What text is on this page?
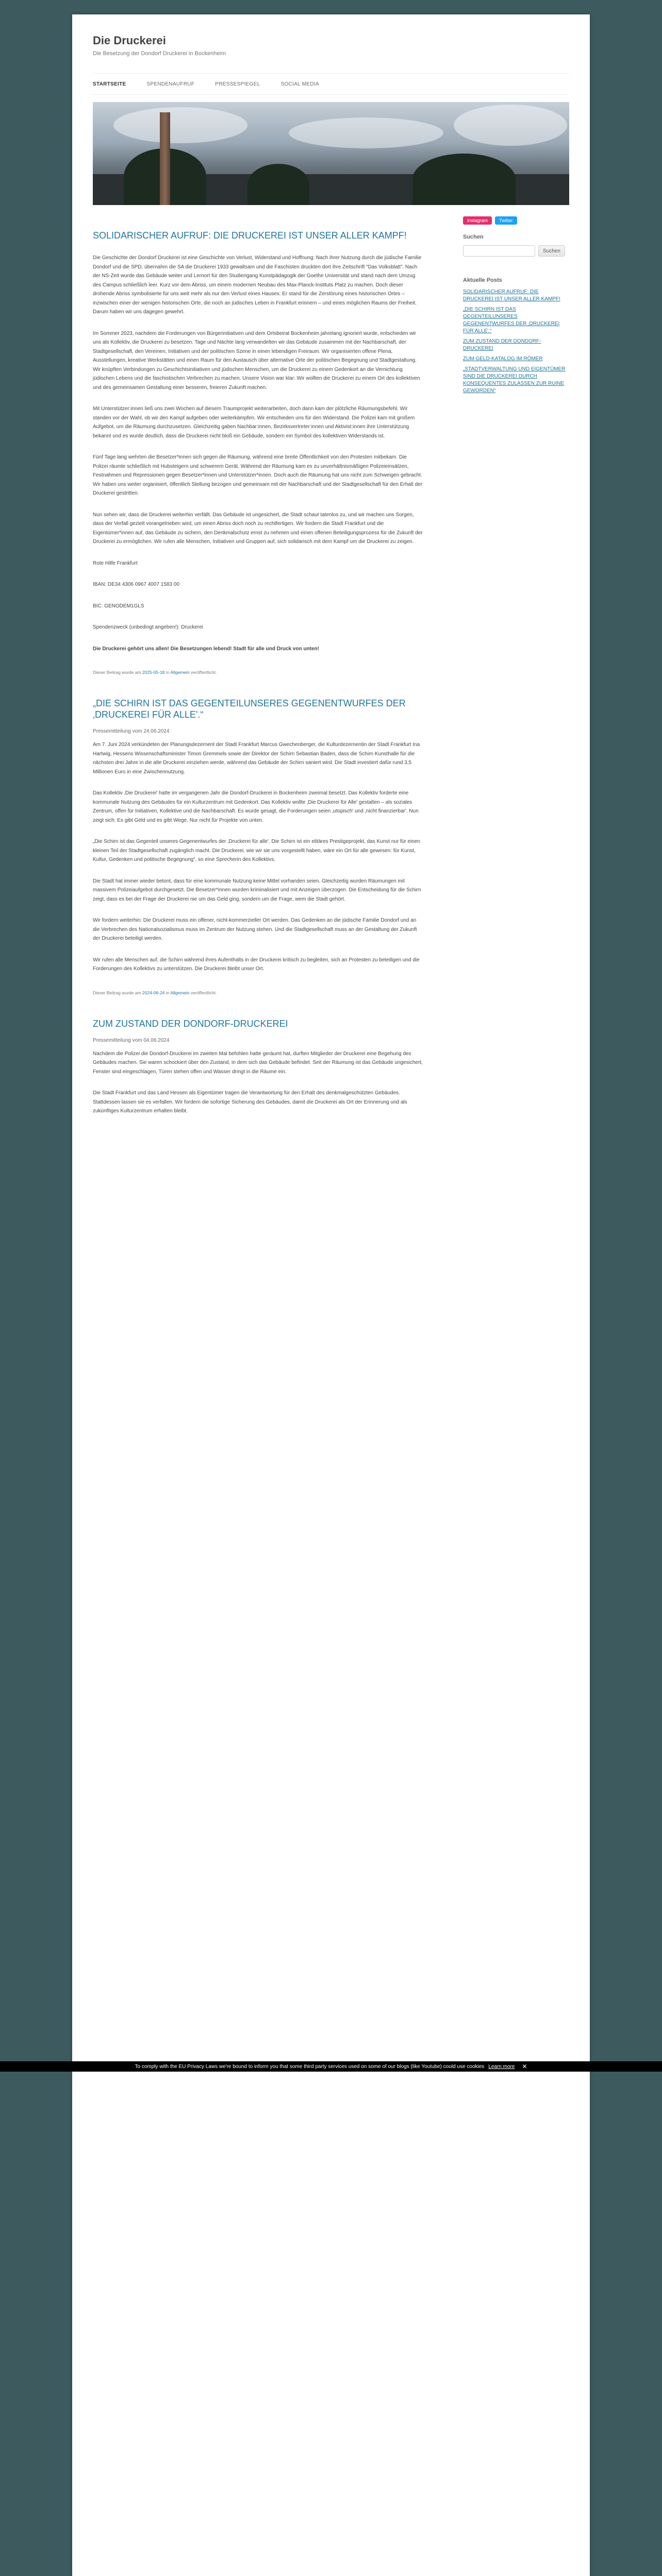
Die Druckerei

Die Besetzung der Dondorf Druckerei in Bockenheim

STARTSEITE	SPENDENAUFRUF	PRESSESPIEGEL	SOCIAL MEDIA
Instagram	Twitter
Suchen
Suchen
Aktuelle Posts
SOLIDARISCHER AUFRUF: DIE DRUCKEREI IST UNSER ALLER KAMPF!
„DIE SCHIRN IST DAS GEGENTEILUNSERES GEGENENTWURFES DER ‚DRUCKEREI FÜR ALLE'.“
ZUM ZUSTAND DER DONDORF-DRUCKEREI
ZUM GELD-KATALOG IM RÖMER
„STADTVERWALTUNG UND EIGENTÜMER SIND DIE DRUCKEREI DURCH KONSEQUENTES ZULASSEN ZUR RUINE GEWORDEN“
SOLIDARISCHER AUFRUF: DIE DRUCKEREI IST UNSER ALLER KAMPF!

Die Geschichte der Dondorf Druckerei ist eine Geschichte von Verlust, Widerstand und Hoffnung: Nach ihrer Nutzung durch die jüdische Familie Dondorf und die SPD, übernahm die SA die Druckerei 1933 gewaltsam und die Faschisten druckten dort ihre Zeitschrift “Das Volksblatt”. Nach der NS-Zeit wurde das Gebäude weiter und Lernort für den Studiengang Kunstpädagogik der Goethe Universität und stand nach dem Umzug des Campus schließlich leer. Kurz vor dem Abriss, um einem modernen Neubau des Max-Planck-Instituts Platz zu machen. Doch dieser drohende Abriss symbolisierte für uns weit mehr als nur den Verlust eines Hauses: Er stand für die Zerstörung eines historischen Ortes – inzwischen einer der wenigen historischen Orte, die noch an jüdisches Leben in Frankfurt erinnern – und eines möglichen Raums der Freiheit. Darum haben wir uns dagegen gewehrt.

Im Sommer 2023, nachdem die Forderungen von Bürgerinitiativen und dem Ortsbeirat Bockenheim jahrelang ignoriert wurde, entschieden wir uns als Kollektiv, die Druckerei zu besetzen. Tage und Nächte lang verwandelten wir das Gebäude zusammen mit der Nachbarschaft, der Stadtgesellschaft, den Vereinen, Initiativen und der politischen Szene in einen lebendigen Freiraum. Wir organisierten offene Plena, Ausstellungen, kreative Werkstätten und einen Raum für den Austausch über alternative Orte der politischen Begegnung und Stadtgestaltung. Wir knüpften Verbindungen zu Geschichtsinitiativen und jüdischen Menschen, um die Druckerei zu einem Gedenkort an die Vernichtung jüdischen Lebens und die faschistischen Verbrechen zu machen. Unsere Vision war klar: Wir wollten die Druckerei zu einem Ort des kollektiven und des gemeinsamen Gestaltung einer besseren, freieren Zukunft machen.

Mit Unterstützer:innen ließ uns zwei Wochen auf diesem Traumprojekt weiterarbeiten, doch dann kam der plötzliche Räumungsbefehl. Wir standen vor der Wahl, ob wir den Kampf aufgeben oder weiterkämpfen. Wir entschieden uns für den Widerstand. Die Polizei kam mit großem Aufgebot, um die Räumung durchzusetzen. Gleichzeitig gaben Nachbar:innen, Bezirksvertreter:innen und Aktivist:innen ihre Unterstützung bekannt und es wurde deutlich, dass die Druckerei nicht bloß ein Gebäude, sondern ein Symbol des kollektiven Widerstands ist.

Fünf Tage lang wehrten die Besetzer*innen sich gegen die Räumung, während eine breite Öffentlichkeit von den Protesten mitbekam. Die Polizei räumte schließlich mit Hubsteigern und schwerem Gerät. Während der Räumung kam es zu unverhältnismäßigen Polizeieinsätzen, Festnahmen und Repressionen gegen Besetzer*innen und Unterstützer*innen. Doch auch die Räumung hat uns nicht zum Schweigen gebracht. Wir haben uns weiter organisiert, öffentlich Stellung bezogen und gemeinsam mit der Nachbarschaft und der Stadtgesellschaft für den Erhalt der Druckerei gestritten.

Nun sehen wir, dass die Druckerei weiterhin verfällt. Das Gebäude ist ungesichert, die Stadt schaut tatenlos zu, und wir machen uns Sorgen, dass der Verfall gezielt vorangetrieben wird, um einen Abriss doch noch zu rechtfertigen. Wir fordern die Stadt Frankfurt und die Eigentümer*innen auf, das Gebäude zu sichern, den Denkmalschutz ernst zu nehmen und einen offenen Beteiligungsprozess für die Zukunft der Druckerei zu ermöglichen. Wir rufen alle Menschen, Initiativen und Gruppen auf, sich solidarisch mit dem Kampf um die Druckerei zu zeigen.

Rote Hilfe Frankfurt

IBAN: DE34 4306 0967 4007 1583 00

BIC: GENODEM1GLS

Spendenzweck (unbedingt angeben!): Druckerei

Die Druckerei gehört uns allen! Die Besetzungen lebend! Stadt für alle und Druck von unten!

Dieser Beitrag wurde am 2025-05-18 in Allgemein veröffentlicht.

„DIE SCHIRN IST DAS GEGENTEILUNSERES GEGENENTWURFES DER ‚DRUCKEREI FÜR ALLE'.“

Pressemitteilung vom 24.06.2024

Am 7. Juni 2024 verkündeten der Planungsdezernent der Stadt Frankfurt Marcus Gwechenberger, die Kulturdezernentin der Stadt Frankfurt Ina Hartwig, Hessens Wissenschaftsminister Timon Gremmels sowie der Direktor der Schirn Sebastian Baden, dass die Schirn Kunsthalle für die nächsten drei Jahre in die alte Druckerei einziehen werde, während das Gebäude der Schirn saniert wird. Die Stadt investiert dafür rund 3,5 Millionen Euro in eine Zwischennutzung.

Das Kollektiv ‚Die Druckerei' hatte im vergangenen Jahr die Dondorf-Druckerei in Bockenheim zweimal besetzt. Das Kollektiv forderte eine kommunale Nutzung des Gebäudes für ein Kulturzentrum mit Gedenkort. Das Kollektiv wollte ‚Die Druckerei für Alle' gestalten – als soziales Zentrum, offen für Initiativen, Kollektive und die Nachbarschaft. Es wurde gesagt, die Forderungen seien ‚utopisch' und ‚nicht finanzierbar'. Nun zeigt sich: Es gibt Geld und es gibt Wege. Nur nicht für Projekte von unten.

„Die Schirn ist das Gegenteil unseres Gegenentwurfes der ‚Druckerei für alle'. Die Schirn ist ein elitäres Prestigeprojekt, das Kunst nur für einen kleinen Teil der Stadtgesellschaft zugänglich macht. Die Druckerei, wie wir sie uns vorgestellt haben, wäre ein Ort für alle gewesen: für Kunst, Kultur, Gedenken und politische Begegnung“, so eine Sprecherin des Kollektivs.

Die Stadt hat immer wieder betont, dass für eine kommunale Nutzung keine Mittel vorhanden seien. Gleichzeitig wurden Räumungen mit massivem Polizeiaufgebot durchgesetzt. Die Besetzer*innen wurden kriminalisiert und mit Anzeigen überzogen. Die Entscheidung für die Schirn zeigt, dass es bei der Frage der Druckerei nie um das Geld ging, sondern um die Frage, wem die Stadt gehört.

Wir fordern weiterhin: Die Druckerei muss ein offener, nicht-kommerzieller Ort werden. Das Gedenken an die jüdische Familie Dondorf und an die Verbrechen des Nationalsozialismus muss im Zentrum der Nutzung stehen. Und die Stadtgesellschaft muss an der Gestaltung der Zukunft der Druckerei beteiligt werden.

Wir rufen alle Menschen auf, die Schirn während ihres Aufenthalts in der Druckerei kritisch zu begleiten, sich an Protesten zu beteiligen und die Forderungen des Kollektivs zu unterstützen. Die Druckerei bleibt unser Ort.

Dieser Beitrag wurde am 2024-06-24 in Allgemein veröffentlicht.

ZUM ZUSTAND DER DONDORF-DRUCKEREI

Pressemitteilung vom 04.06.2024

Nachdem die Polizei die Dondorf-Druckerei im zweiten Mal befohlen hatte geräumt hat, durften Mitglieder der Druckerei eine Begehung des Gebäudes machen. Sie waren schockiert über den Zustand, in dem sich das Gebäude befindet. Seit der Räumung ist das Gebäude ungesichert, Fenster sind eingeschlagen, Türen stehen offen und Wasser dringt in die Räume ein.

Die Stadt Frankfurt und das Land Hessen als Eigentümer tragen die Verantwortung für den Erhalt des denkmalgeschützten Gebäudes. Stattdessen lassen sie es verfallen. Wir fordern die sofortige Sicherung des Gebäudes, damit die Druckerei als Ort der Erinnerung und als zukünftiges Kulturzentrum erhalten bleibt.

To comply with the EU Privacy Laws we're bound to inform you that some third party services used on some of our blogs (like Youtube) could use cookies Learn more ✕
